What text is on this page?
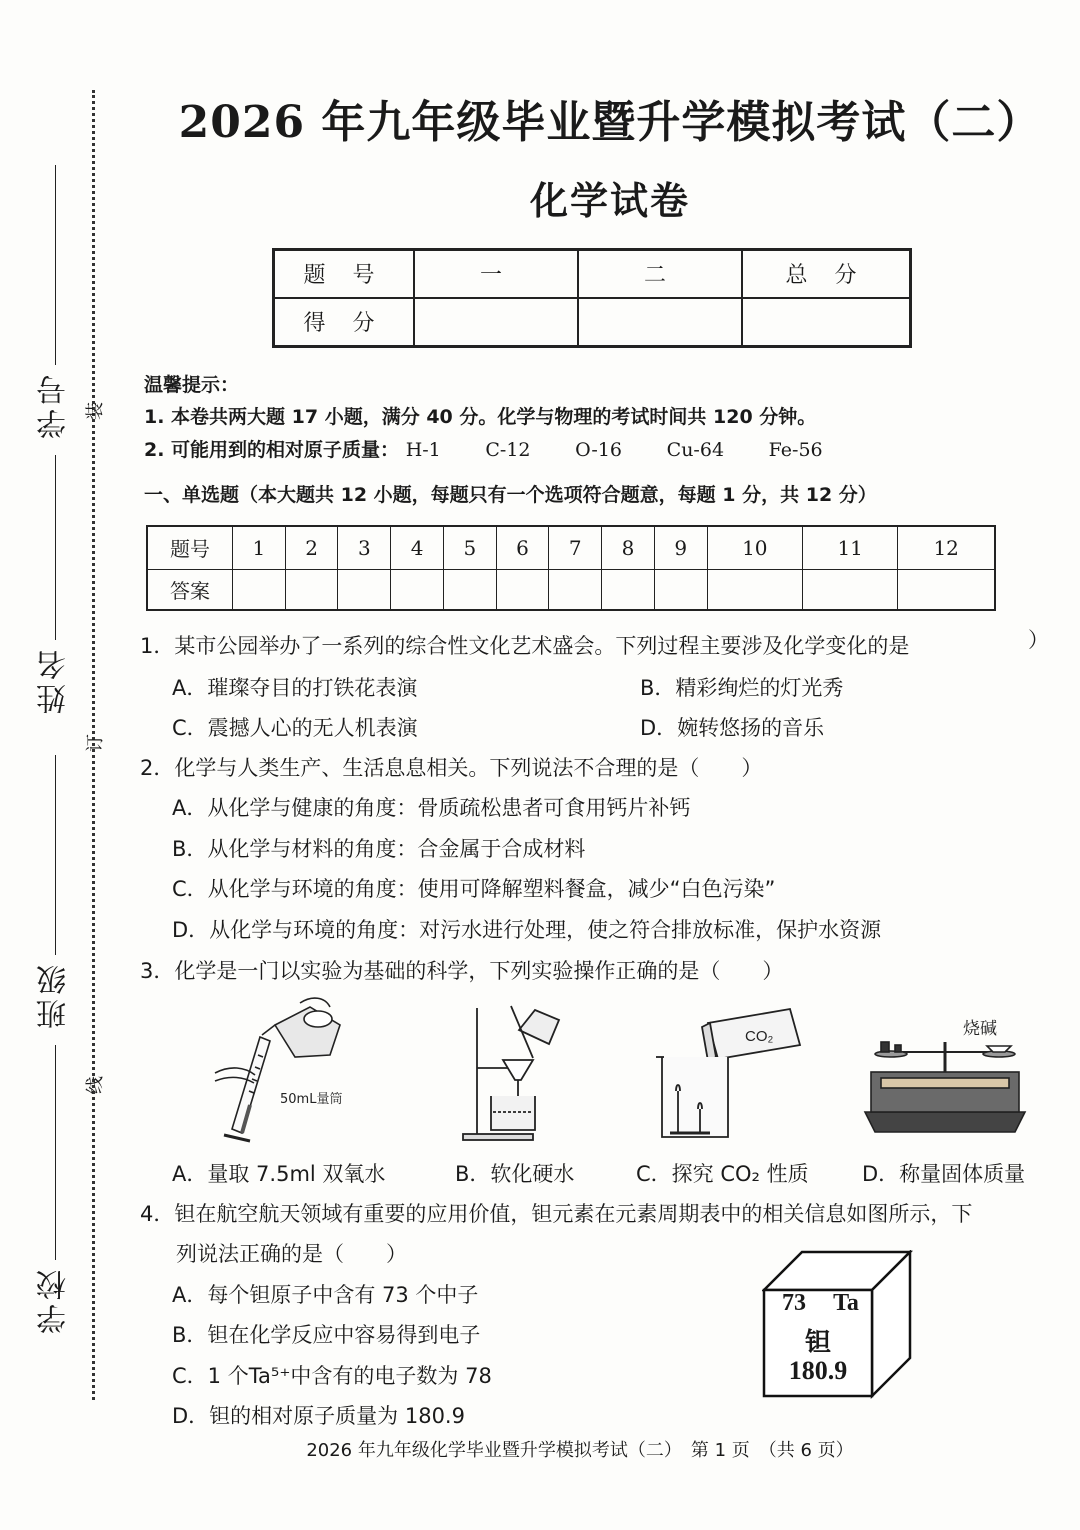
学号
姓名
班级
学校
装
订
线
2026 年九年级毕业暨升学模拟考试（二）
化学试卷
题 号	一	二	总 分
得 分			
温馨提示：
1. 本卷共两大题 17 小题，满分 40 分。化学与物理的考试时间共 120 分钟。
2. 可能用到的相对原子质量： H-1 C-12 O-16 Cu-64 Fe-56
一、单选题（本大题共 12 小题，每题只有一个选项符合题意，每题 1 分，共 12 分）
题号	1	2	3	4	5	6	7	8	9	10	11	12
答案												
1．某市公园举办了一系列的综合性文化艺术盛会。下列过程主要涉及化学变化的是	）
A．璀璨夺目的打铁花表演	B．精彩绚烂的灯光秀
C．震撼人心的无人机表演	D．婉转悠扬的音乐
2．化学与人类生产、生活息息相关。下列说法不合理的是（　　）
A．从化学与健康的角度：骨质疏松患者可食用钙片补钙
B．从化学与材料的角度：合金属于合成材料
C．从化学与环境的角度：使用可降解塑料餐盒，减少“白色污染”
D．从化学与环境的角度：对污水进行处理，使之符合排放标准，保护水资源
3．化学是一门以实验为基础的科学，下列实验操作正确的是（　　）
50mL量筒
CO₂	烧碱
A．量取 7.5ml 双氧水	B．软化硬水	C．探究 CO₂ 性质	D．称量固体质量
4．钽在航空航天领域有重要的应用价值，钽元素在元素周期表中的相关信息如图所示，下
列说法正确的是（　　）
A．每个钽原子中含有 73 个中子
B．钽在化学反应中容易得到电子
C．1 个Ta⁵⁺中含有的电子数为 78
D．钽的相对原子质量为 180.9
73	Ta
钽
180.9
2026 年九年级化学毕业暨升学模拟考试（二）　第 1 页　（共 6 页）
